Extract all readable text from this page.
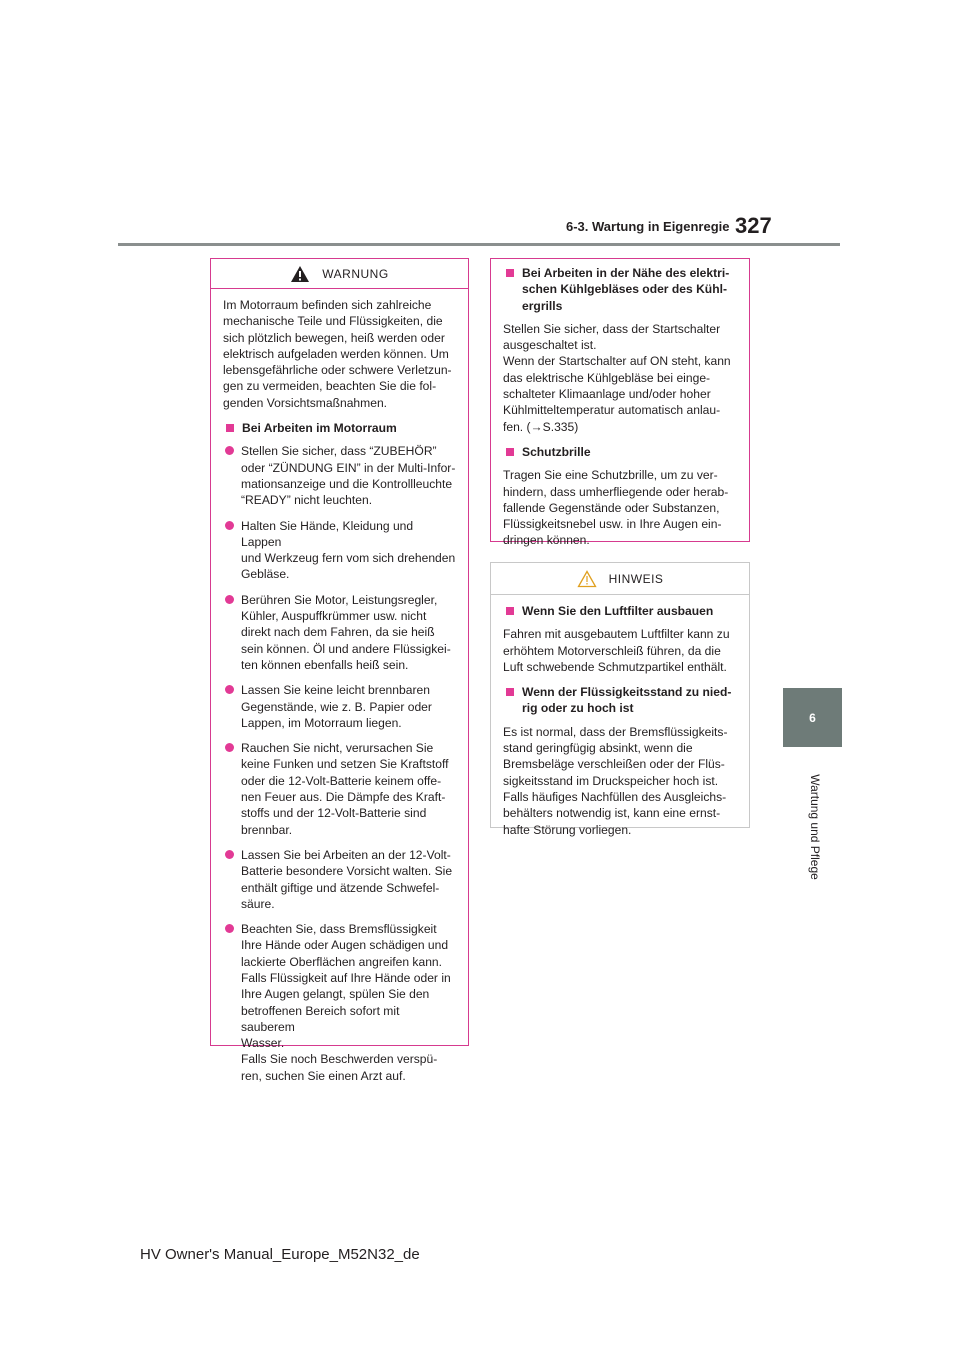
6-3. Wartung in Eigenregie 327
6
Wartung und Pflege
WARNUNG
Im Motorraum befinden sich zahlreiche
mechanische Teile und Flüssigkeiten, die
sich plötzlich bewegen, heiß werden oder
elektrisch aufgeladen werden können. Um
lebensgefährliche oder schwere Verletzun-
gen zu vermeiden, beachten Sie die fol-
genden Vorsichtsmaßnahmen.
Bei Arbeiten im Motorraum
Stellen Sie sicher, dass “ZUBEHÖR”
oder “ZÜNDUNG EIN” in der Multi-Infor-
mationsanzeige und die Kontrollleuchte
“READY” nicht leuchten.
Halten Sie Hände, Kleidung und Lappen
und Werkzeug fern vom sich drehenden
Gebläse.
Berühren Sie Motor, Leistungsregler,
Kühler, Auspuffkrümmer usw. nicht
direkt nach dem Fahren, da sie heiß
sein können. Öl und andere Flüssigkei-
ten können ebenfalls heiß sein.
Lassen Sie keine leicht brennbaren
Gegenstände, wie z. B. Papier oder
Lappen, im Motorraum liegen.
Rauchen Sie nicht, verursachen Sie
keine Funken und setzen Sie Kraftstoff
oder die 12-Volt-Batterie keinem offe-
nen Feuer aus. Die Dämpfe des Kraft-
stoffs und der 12-Volt-Batterie sind
brennbar.
Lassen Sie bei Arbeiten an der 12-Volt-
Batterie besondere Vorsicht walten. Sie
enthält giftige und ätzende Schwefel-
säure.
Beachten Sie, dass Bremsflüssigkeit
Ihre Hände oder Augen schädigen und
lackierte Oberflächen angreifen kann.
Falls Flüssigkeit auf Ihre Hände oder in
Ihre Augen gelangt, spülen Sie den
betroffenen Bereich sofort mit sauberem
Wasser.
Falls Sie noch Beschwerden verspü-
ren, suchen Sie einen Arzt auf.
Bei Arbeiten in der Nähe des elektri-
schen Kühlgebläses oder des Kühl-
ergrills
Stellen Sie sicher, dass der Startschalter
ausgeschaltet ist.
Wenn der Startschalter auf ON steht, kann
das elektrische Kühlgebläse bei einge-
schalteter Klimaanlage und/oder hoher
Kühlmitteltemperatur automatisch anlau-
fen. (→S.335)
Schutzbrille
Tragen Sie eine Schutzbrille, um zu ver-
hindern, dass umherfliegende oder herab-
fallende Gegenstände oder Substanzen,
Flüssigkeitsnebel usw. in Ihre Augen ein-
dringen können.
HINWEIS
Wenn Sie den Luftfilter ausbauen
Fahren mit ausgebautem Luftfilter kann zu
erhöhtem Motorverschleiß führen, da die
Luft schwebende Schmutzpartikel enthält.
Wenn der Flüssigkeitsstand zu nied-
rig oder zu hoch ist
Es ist normal, dass der Bremsflüssigkeits-
stand geringfügig absinkt, wenn die
Bremsbeläge verschleißen oder der Flüs-
sigkeitsstand im Druckspeicher hoch ist.
Falls häufiges Nachfüllen des Ausgleichs-
behälters notwendig ist, kann eine ernst-
hafte Störung vorliegen.
HV Owner's Manual_Europe_M52N32_de
